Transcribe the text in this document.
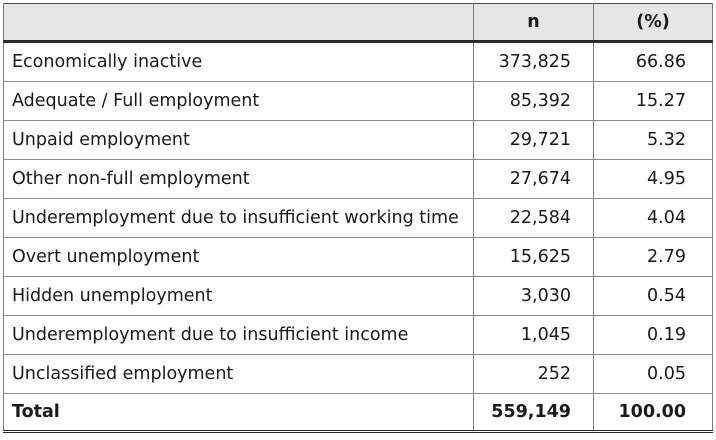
	n	(%)
Economically inactive	373,825	66.86
Adequate / Full employment	85,392	15.27
Unpaid employment	29,721	5.32
Other non-full employment	27,674	4.95
Underemployment due to insufficient working time	22,584	4.04
Overt unemployment	15,625	2.79
Hidden unemployment	3,030	0.54
Underemployment due to insufficient income	1,045	0.19
Unclassified employment	252	0.05
Total	559,149	100.00
